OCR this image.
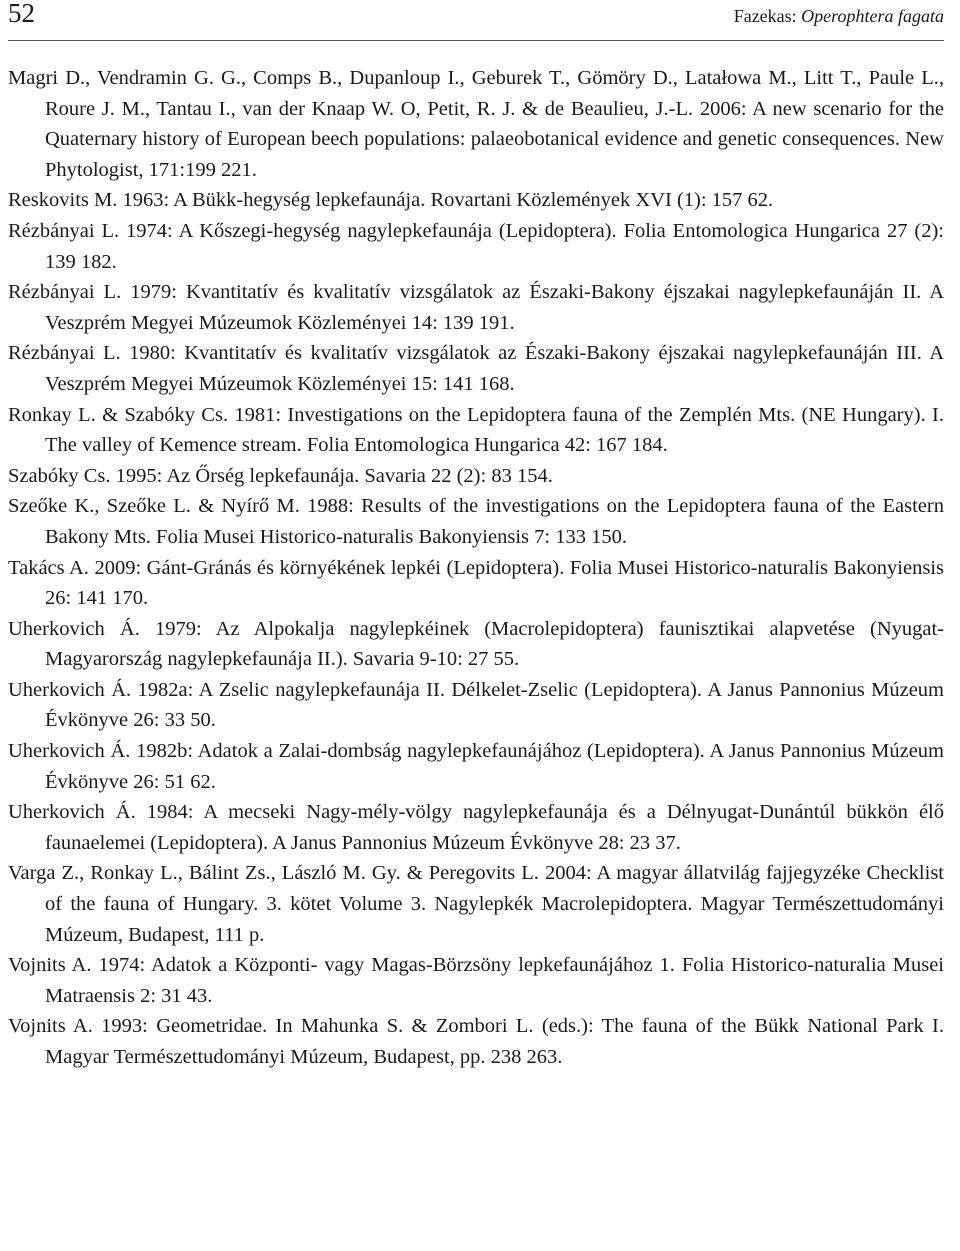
52	Fazekas: Operophtera fagata

Magri D., Vendramin G. G., Comps B., Dupanloup I., Geburek T., Gömöry D., Latałowa M., Litt T., Paule L., Roure J. M., Tantau I., van der Knaap W. O, Petit, R. J. & de Beaulieu, J.-L. 2006: A new scenario for the Quaternary history of European beech populations: palaeobotanical evidence and genetic consequences. New Phytologist, 171:199 221.

Reskovits M. 1963: A Bükk-hegység lepkefaunája. Rovartani Közlemények XVI (1): 157 62.

Rézbányai L. 1974: A Kőszegi-hegység nagylepkefaunája (Lepidoptera). Folia Entomologica Hungarica 27 (2): 139 182.

Rézbányai L. 1979: Kvantitatív és kvalitatív vizsgálatok az Északi-Bakony éjszakai nagylepkefaunáján II. A Veszprém Megyei Múzeumok Közleményei 14: 139 191.

Rézbányai L. 1980: Kvantitatív és kvalitatív vizsgálatok az Északi-Bakony éjszakai nagylepkefaunáján III. A Veszprém Megyei Múzeumok Közleményei 15: 141 168.

Ronkay L. & Szabóky Cs. 1981: Investigations on the Lepidoptera fauna of the Zemplén Mts. (NE Hungary). I. The valley of Kemence stream. Folia Entomologica Hungarica 42: 167 184.

Szabóky Cs. 1995: Az Őrség lepkefaunája. Savaria 22 (2): 83 154.

Szeőke K., Szeőke L. & Nyírő M. 1988: Results of the investigations on the Lepidoptera fauna of the Eastern Bakony Mts. Folia Musei Historico-naturalis Bakonyiensis 7: 133 150.

Takács A. 2009: Gánt-Gránás és környékének lepkéi (Lepidoptera). Folia Musei Historico-naturalis Bakonyiensis 26: 141 170.

Uherkovich Á. 1979: Az Alpokalja nagylepkéinek (Macrolepidoptera) faunisztikai alapvetése (Nyugat-Magyarország nagylepkefaunája II.). Savaria 9-10: 27 55.

Uherkovich Á. 1982a: A Zselic nagylepkefaunája II. Délkelet-Zselic (Lepidoptera). A Janus Pannonius Múzeum Évkönyve 26: 33 50.

Uherkovich Á. 1982b: Adatok a Zalai-dombság nagylepkefaunájához (Lepidoptera). A Janus Pannonius Múzeum Évkönyve 26: 51 62.

Uherkovich Á. 1984: A mecseki Nagy-mély-völgy nagylepkefaunája és a Délnyugat-Dunántúl bükkön élő faunaelemei (Lepidoptera). A Janus Pannonius Múzeum Évkönyve 28: 23 37.

Varga Z., Ronkay L., Bálint Zs., László M. Gy. & Peregovits L. 2004: A magyar állatvilág fajjegyzéke Checklist of the fauna of Hungary. 3. kötet Volume 3. Nagylepkék Macrolepidoptera. Magyar Természettudományi Múzeum, Budapest, 111 p.

Vojnits A. 1974: Adatok a Központi- vagy Magas-Börzsöny lepkefaunájához 1. Folia Historico-naturalia Musei Matraensis 2: 31 43.

Vojnits A. 1993: Geometridae. In Mahunka S. & Zombori L. (eds.): The fauna of the Bükk National Park I. Magyar Természettudományi Múzeum, Budapest, pp. 238 263.
